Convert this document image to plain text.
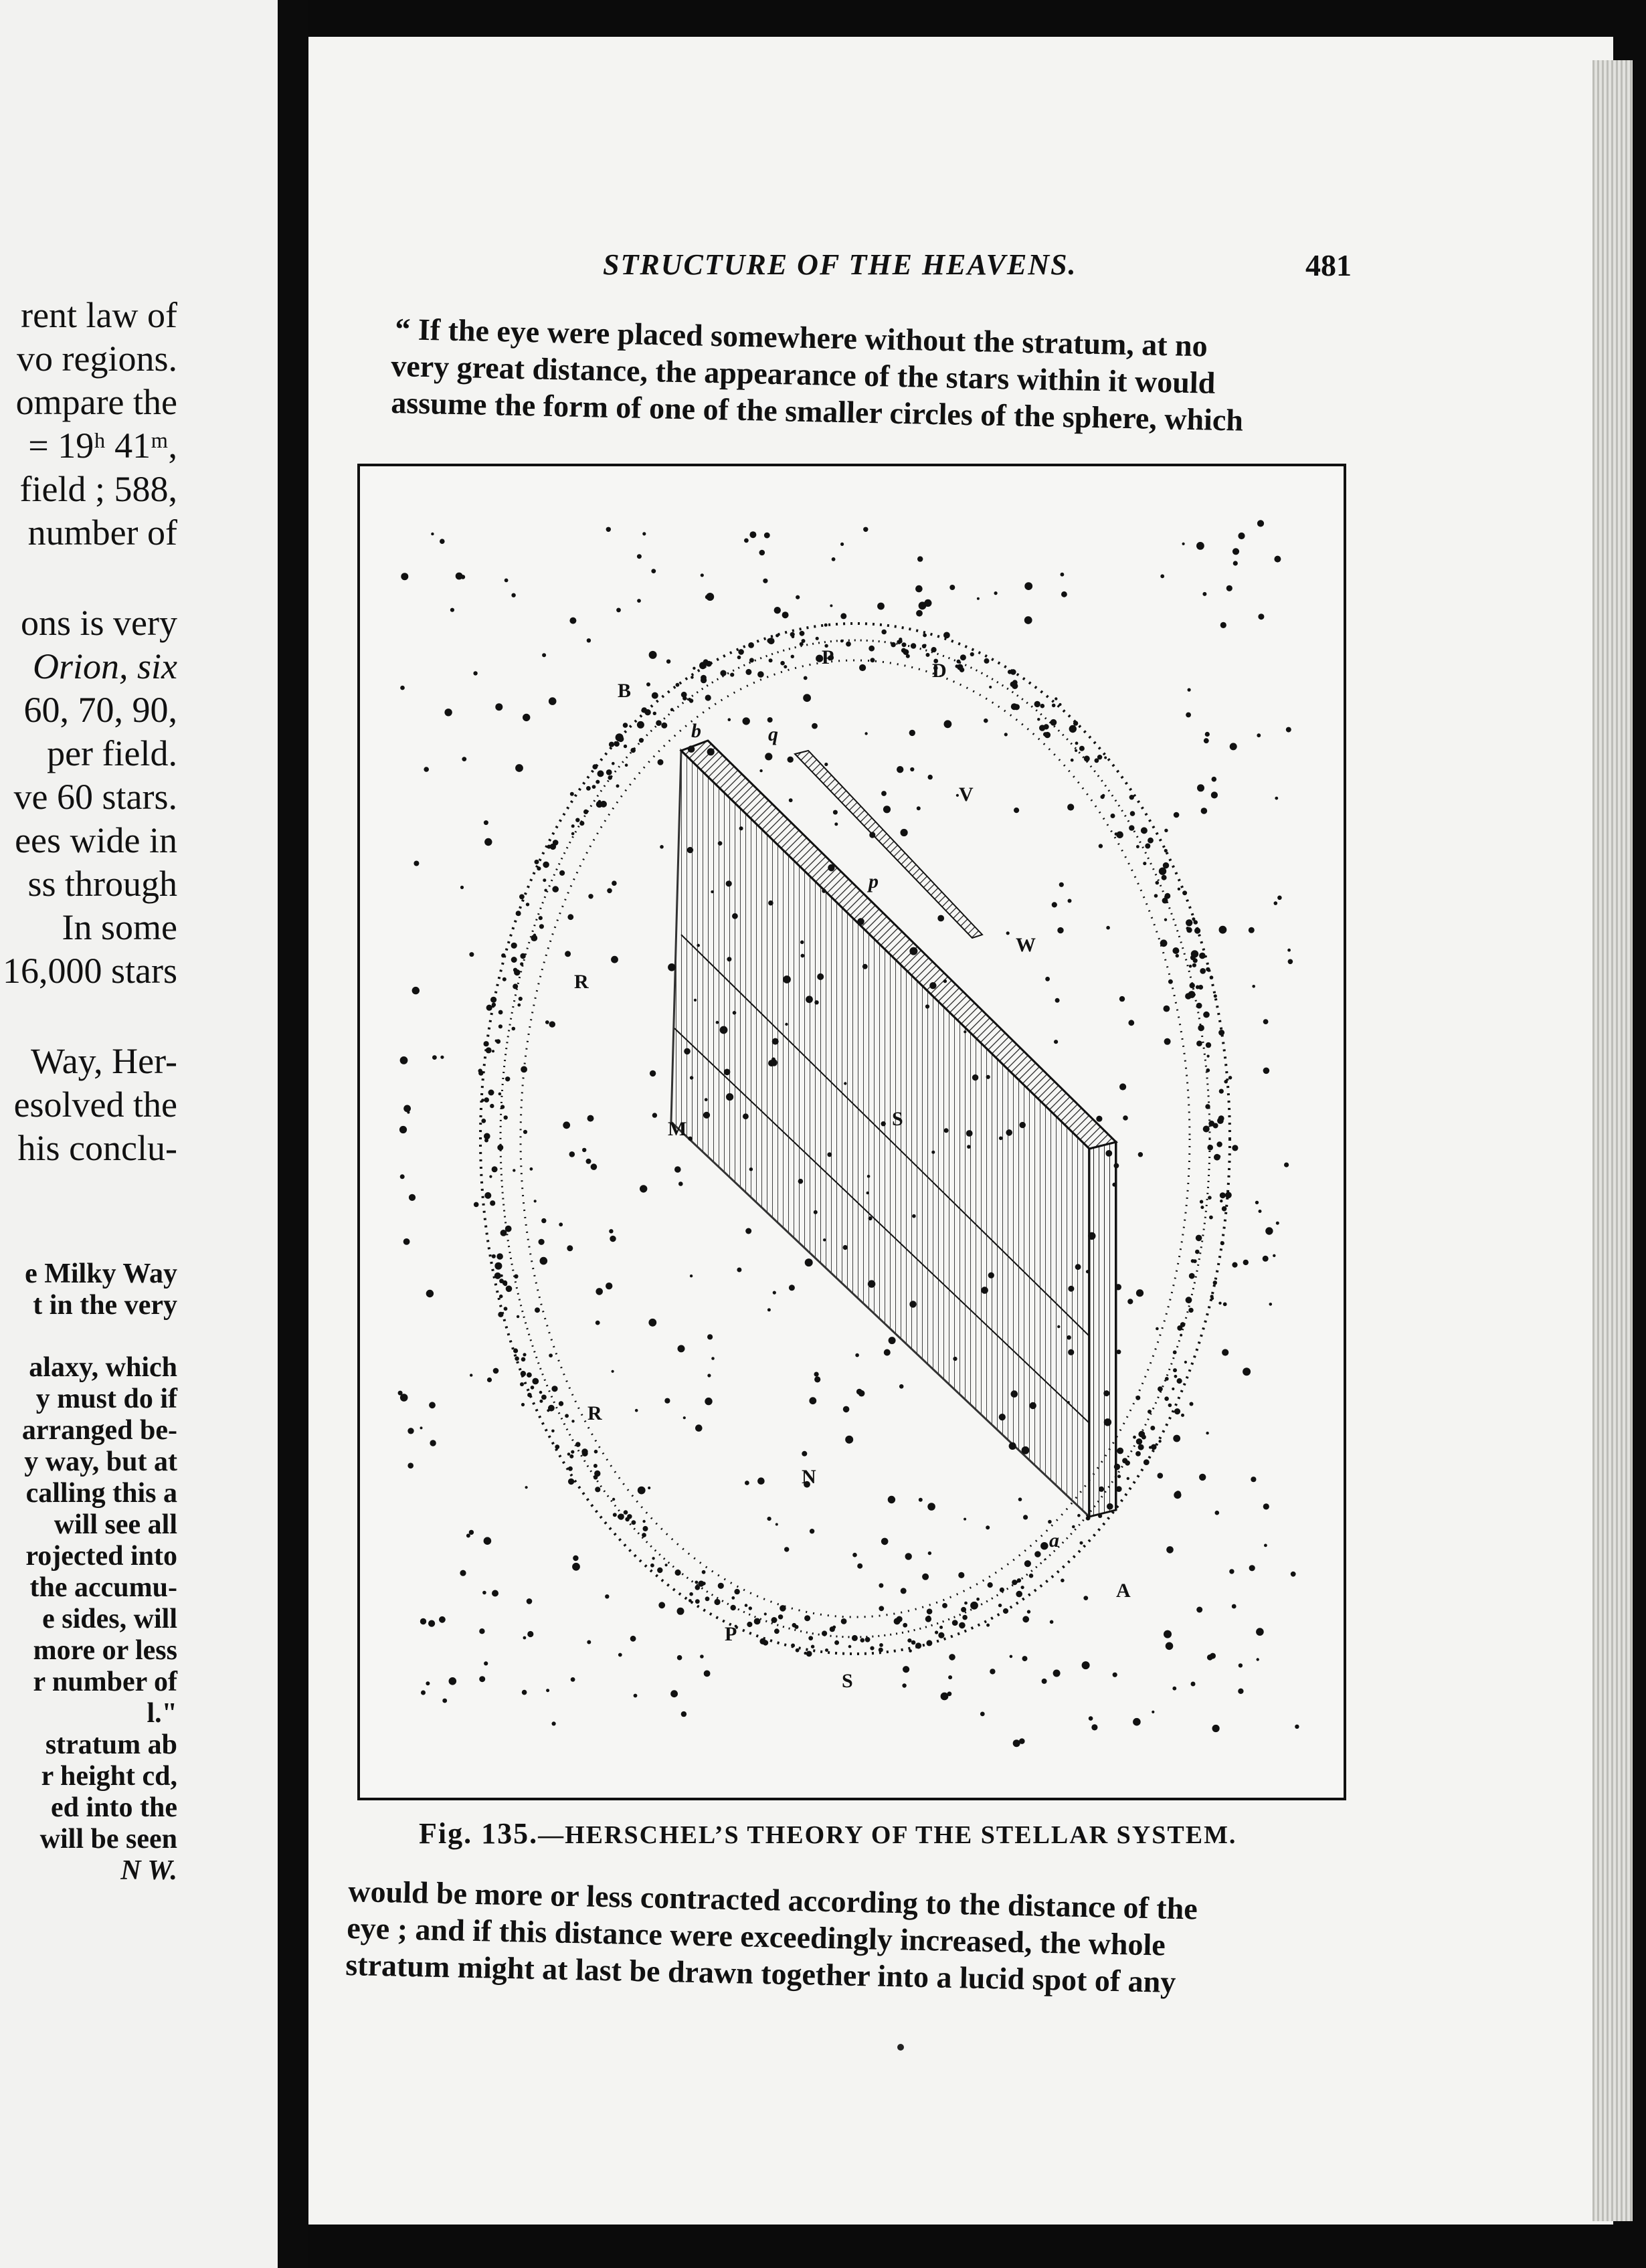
rent law of
vo regions.
ompare the
= 19ʰ 41ᵐ,
field ; 588,
number of
ons is very
Orion, six
60, 70, 90,
per field.
ve 60 stars.
ees wide in
ss through
In some
16,000 stars
Way, Her-
esolved the
his conclu-
e Milky Way
t in the very
alaxy, which
y must do if
arranged be-
y way, but at
calling this a
will see all
rojected into
the accumu-
e sides, will
more or less
r number of
l."
stratum ab
r height cd,
ed into the
will be seen
N W.
STRUCTURE OF THE HEAVENS.	481
“ If the eye were placed somewhere without the stratum, at no
very great distance, the appearance of the stars within it would
assume the form of one of the smaller circles of the sphere, which
B
P
D
b	q
V
p
W
R
M	S
N
R
a
A
P
S
Fig. 135.—HERSCHEL’S THEORY OF THE STELLAR SYSTEM.
would be more or less contracted according to the distance of the
eye ; and if this distance were exceedingly increased, the whole
stratum might at last be drawn together into a lucid spot of any
